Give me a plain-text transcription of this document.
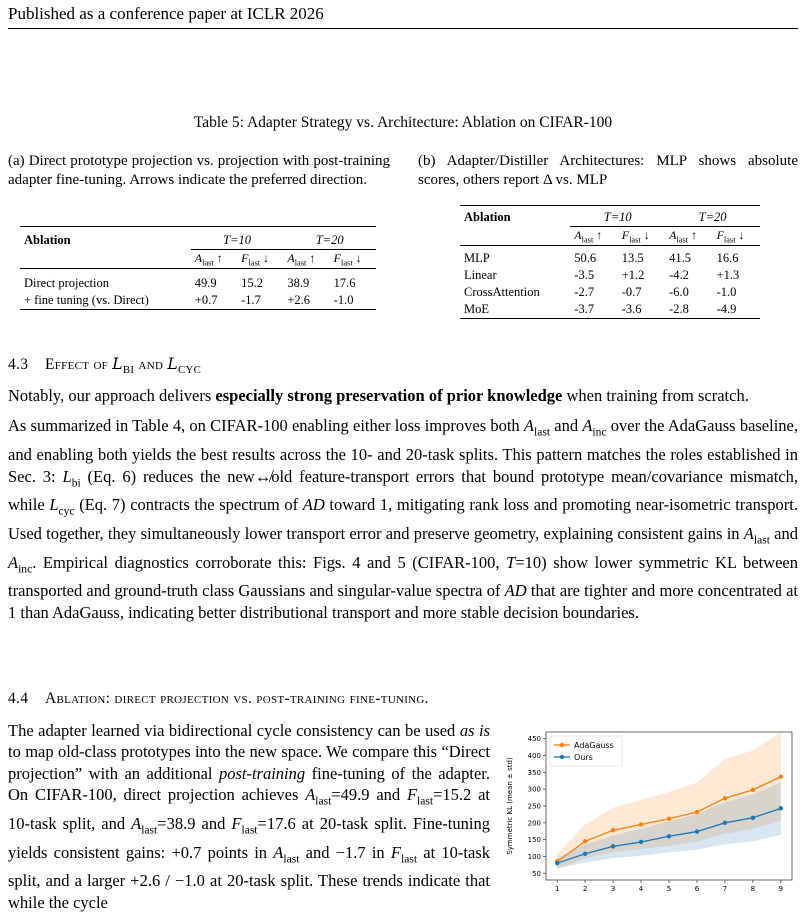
Published as a conference paper at ICLR 2026
Table 5: Adapter Strategy vs. Architecture: Ablation on CIFAR-100
(a) Direct prototype projection vs. projection with post-training adapter fine-tuning. Arrows indicate the preferred direction.
Ablation	T=10		T=20	
	$A_{last}$ ↑	$F_{last}$ ↓	$A_{last}$ ↑	$F_{last}$ ↓

Direct projection	49.9	15.2	38.9	17.6
+ fine tuning (vs. Direct)	+0.7	-1.7	+2.6	-1.0
(b) Adapter/Distiller Architectures: MLP shows absolute scores, others report Δ vs. MLP
Ablation	T=10		T=20	
	$A_{last}$ ↑	$F_{last}$ ↓	$A_{last}$ ↑	$F_{last}$ ↓

MLP	50.6	13.5	41.5	16.6
Linear	-3.5	+1.2	-4.2	+1.3
CrossAttention	-2.7	-0.7	-6.0	-1.0
MoE	-3.7	-3.6	-2.8	-4.9
4.3 Effect of $L_{BI}$ and $L_{CYC}$

Notably, our approach delivers especially strong preservation of prior knowledge when training from scratch.

As summarized in Table 4, on CIFAR-100 enabling either loss improves both $A_{last}$ and $A_{inc}$ over the AdaGauss baseline, and enabling both yields the best results across the 10- and 20-task splits. This pattern matches the roles established in Sec. 3: $L_{bi}$ (Eq. 6) reduces the new↮old feature-transport errors that bound prototype mean/covariance mismatch, while $L_{cyc}$ (Eq. 7) contracts the spectrum of AD toward 1, mitigating rank loss and promoting near-isometric transport. Used together, they simultaneously lower transport error and preserve geometry, explaining consistent gains in $A_{last}$ and $A_{inc}$. Empirical diagnostics corroborate this: Figs. 4 and 5 (CIFAR-100, T=10) show lower symmetric KL between transported and ground-truth class Gaussians and singular-value spectra of AD that are tighter and more concentrated at 1 than AdaGauss, indicating better distributional transport and more stable decision boundaries.

4.4 Ablation: direct projection vs. post-training fine-tuning.

The adapter learned via bidirectional cycle consistency can be used as is to map old-class prototypes into the new space. We compare this “Direct projection” with an additional post-training fine-tuning of the adapter. On CIFAR-100, direct projection achieves $A_{last}=49.9$ and $F_{last}=15.2$ at 10-task split, and $A_{last}=38.9$ and $F_{last}=17.6$ at 20-task split. Fine-tuning yields consistent gains: +0.7 points in $A_{last}$ and −1.7 in $F_{last}$ at 10-task split, and a larger +2.6 / −1.0 at 20-task split. These trends indicate that while the cycle

50
100
150
200
250
300
350
400
450
1	2	3	4	5	6	7	8	9
Symmetric KL (mean ± std)
AdaGauss
Ours
